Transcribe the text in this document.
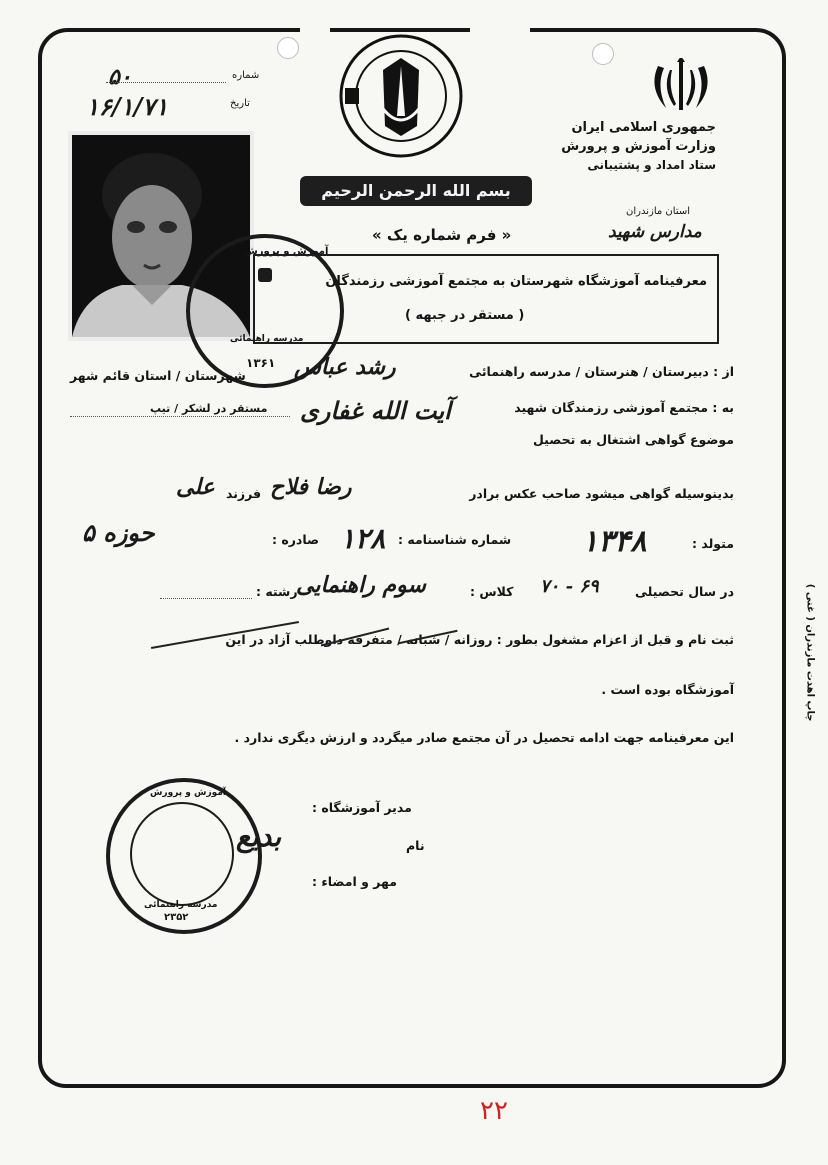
جمهوری اسلامی ایران
وزارت آموزش و پرورش
ستاد امداد و پشتیبانی
استان مازندران
۵۰	شماره
۱۶/۱/۷۱	تاریخ
آموزش و پرورش
مدرسه راهنمائی
۱۳۶۱
بسم الله الرحمن الرحیم
« فرم شماره یک »	مدارس شهید
معرفینامه آموزشگاه شهرستان به مجتمع آموزشی رزمندگان
( مستقر در جبهه )
از : دبیرستان / هنرستان / مدرسه راهنمائی
رشد عباس
شهرستان / استان قائم شهر
به : مجتمع آموزشی رزمندگان شهید
آیت الله غفاری
مستقر در لشکر / تیپ
موضوع گواهی اشتغال به تحصیل
بدینوسیله گواهی میشود صاحب عکس برادر
رضا فلاح
فرزند
علی
متولد :
۱۳۴۸
شماره شناسنامه :
۱۲۸
صادره :
حوزه ۵
در سال تحصیلی
۷۰ - ۶۹
کلاس :
سوم راهنمایی
رشته :
ثبت نام و قبل از اعزام مشغول بطور : روزانه / شبانه / متفرقه داوطلب آزاد در این
آموزشگاه بوده است .
این معرفینامه جهت ادامه تحصیل در آن مجتمع صادر میگردد و ارزش دیگری ندارد .
مدیر آموزشگاه :
نام
مهر و امضاء :
بدیع
آموزش و پرورش
مدرسه راهنمائی
۲۳۵۲
چاپ اهدت مازندران ( غنی )
۲۲
